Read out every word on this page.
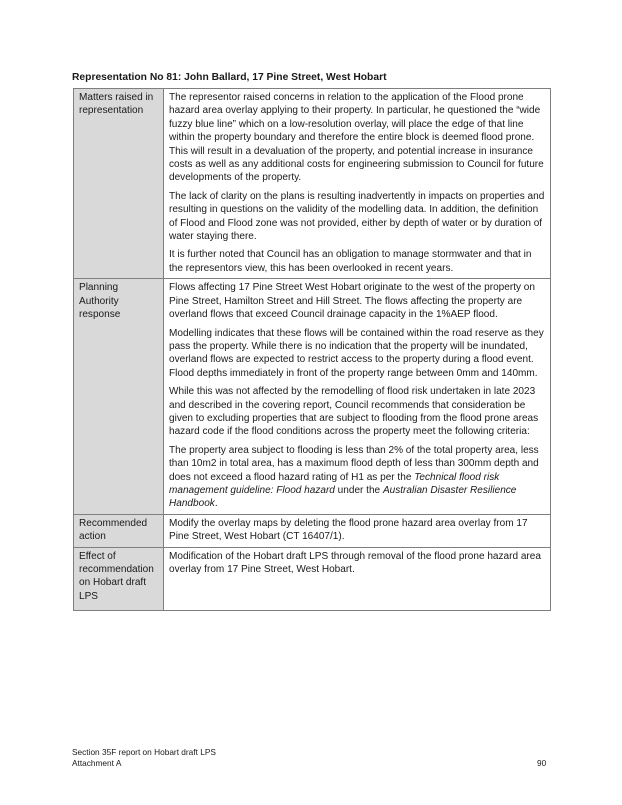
Representation No 81: John Ballard, 17 Pine Street, West Hobart
Matters raised in representation	The representor raised concerns in relation to the application of the Flood prone hazard area overlay applying to their property. In particular, he questioned the “wide fuzzy blue line” which on a low-resolution overlay, will place the edge of that line within the property boundary and therefore the entire block is deemed flood prone. This will result in a devaluation of the property, and potential increase in insurance costs as well as any additional costs for engineering submission to Council for future developments of the property.

The lack of clarity on the plans is resulting inadvertently in impacts on properties and resulting in questions on the validity of the modelling data. In addition, the definition of Flood and Flood zone was not provided, either by depth of water or by duration of water staying there.

It is further noted that Council has an obligation to manage stormwater and that in the representors view, this has been overlooked in recent years.

Planning Authority response	Flows affecting 17 Pine Street West Hobart originate to the west of the property on Pine Street, Hamilton Street and Hill Street. The flows affecting the property are overland flows that exceed Council drainage capacity in the 1%AEP flood.

Modelling indicates that these flows will be contained within the road reserve as they pass the property. While there is no indication that the property will be inundated, overland flows are expected to restrict access to the property during a flood event. Flood depths immediately in front of the property range between 0mm and 140mm.

While this was not affected by the remodelling of flood risk undertaken in late 2023 and described in the covering report, Council recommends that consideration be given to excluding properties that are subject to flooding from the flood prone areas hazard code if the flood conditions across the property meet the following criteria:

The property area subject to flooding is less than 2% of the total property area, less than 10m2 in total area, has a maximum flood depth of less than 300mm depth and does not exceed a flood hazard rating of H1 as per the Technical flood risk management guideline: Flood hazard under the Australian Disaster Resilience Handbook.

Recommended action	Modify the overlay maps by deleting the flood prone hazard area overlay from 17 Pine Street, West Hobart (CT 16407/1).

Effect of recommendation on Hobart draft LPS	Modification of the Hobart draft LPS through removal of the flood prone hazard area overlay from 17 Pine Street, West Hobart.

Section 35F report on Hobart draft LPS
Attachment A	90
